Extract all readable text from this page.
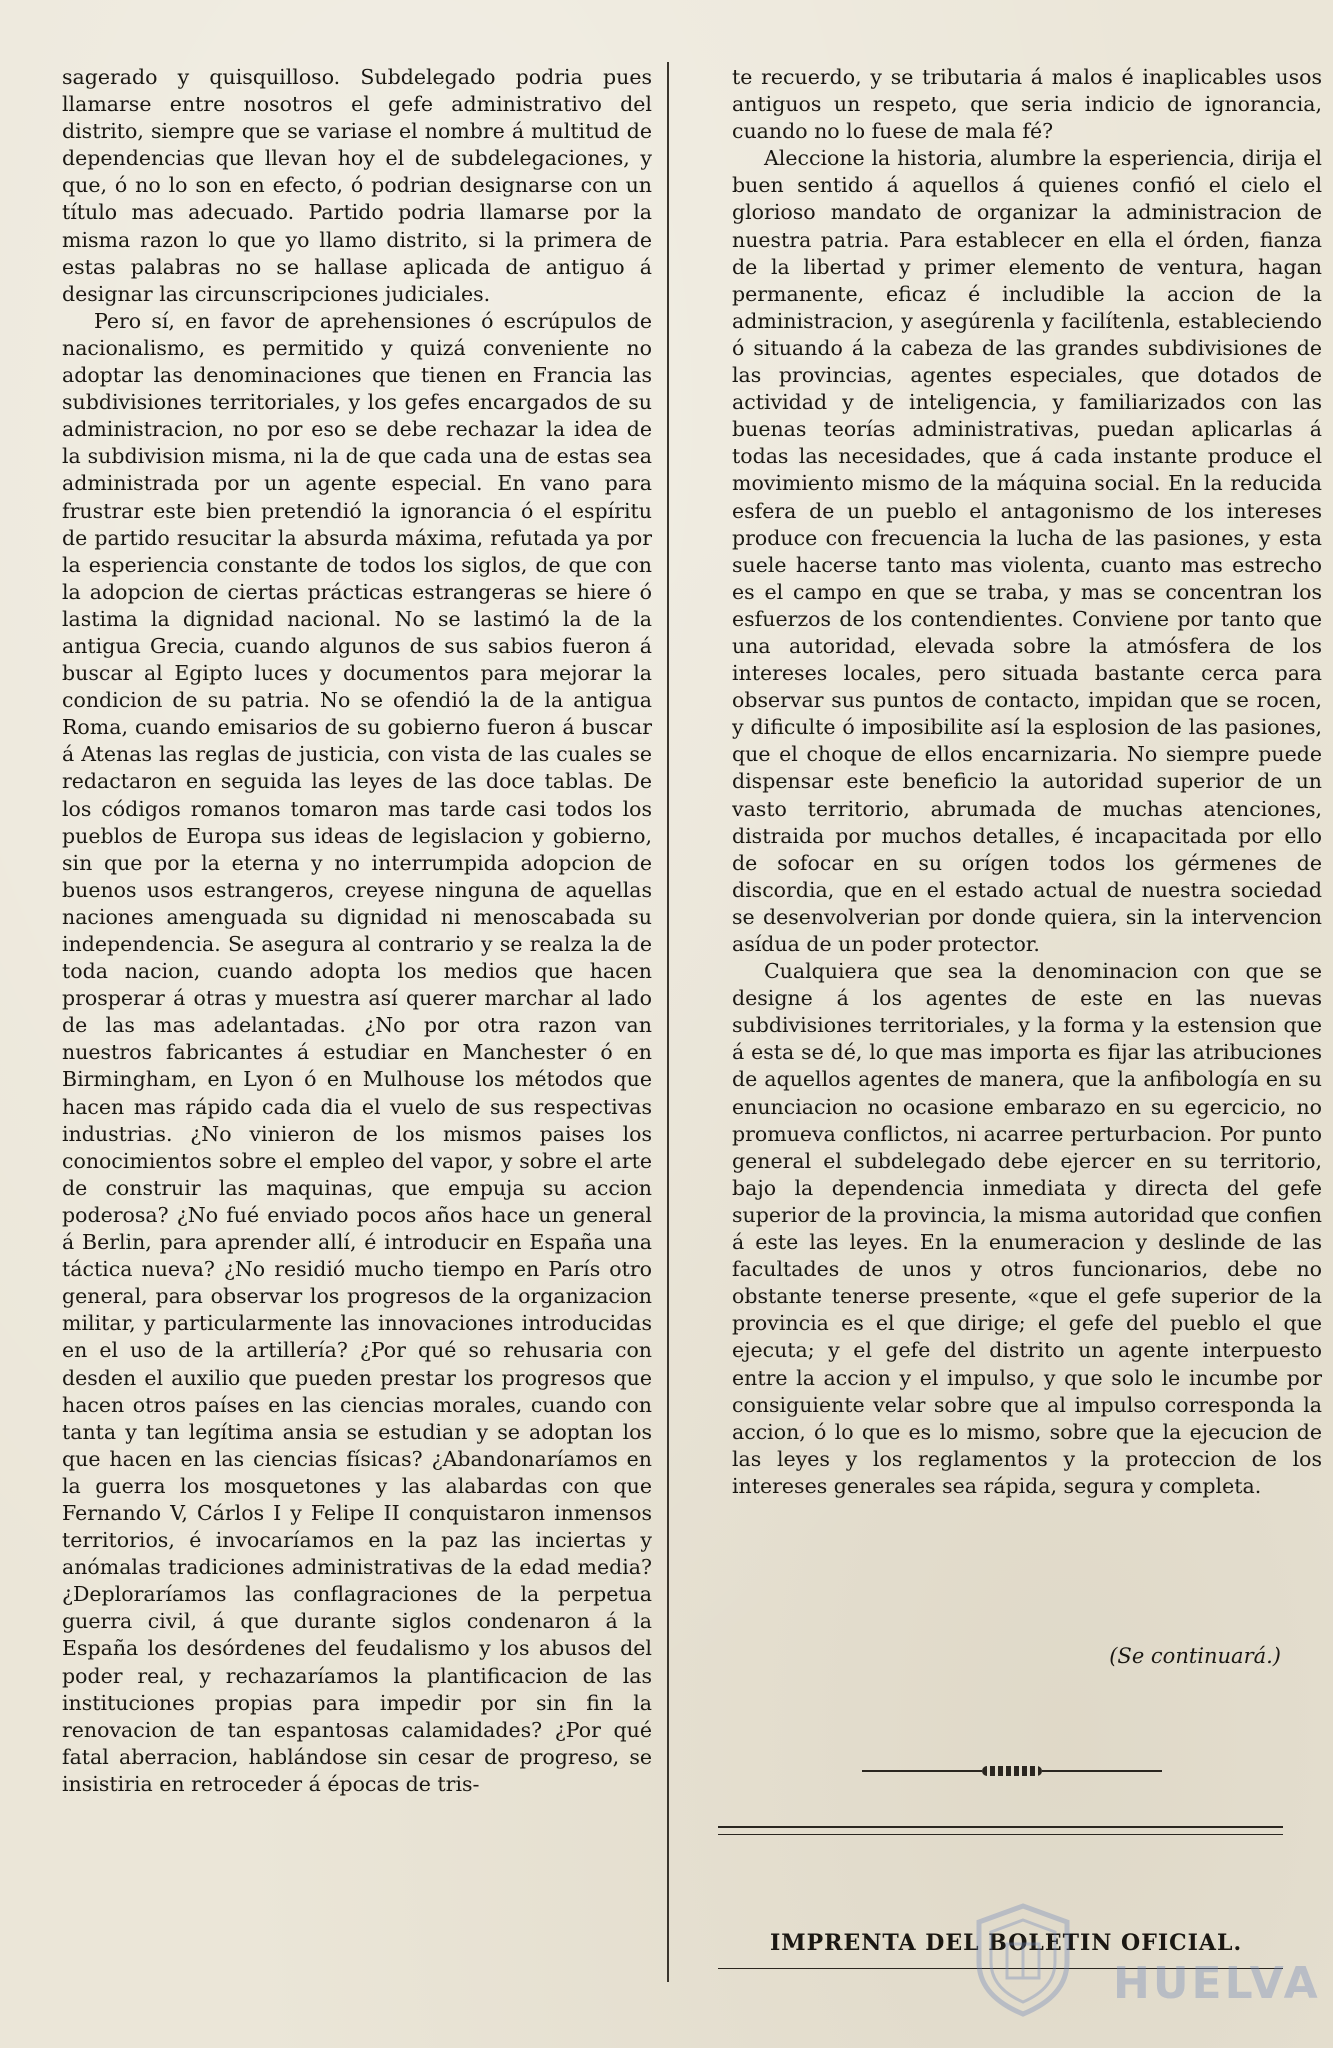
sagerado y quisquilloso. Subdelegado podria pues llamarse entre nosotros el gefe administrativo del distrito, siempre que se variase el nombre á multitud de dependencias que llevan hoy el de subdelegaciones, y que, ó no lo son en efecto, ó podrian designarse con un título mas adecuado. Partido podria llamarse por la misma razon lo que yo llamo distrito, si la primera de estas palabras no se hallase aplicada de antiguo á designar las circunscripciones judiciales.

Pero sí, en favor de aprehensiones ó escrúpulos de nacionalismo, es permitido y quizá conveniente no adoptar las denominaciones que tienen en Francia las subdivisiones territoriales, y los gefes encargados de su administracion, no por eso se debe rechazar la idea de la subdivision misma, ni la de que cada una de estas sea administrada por un agente especial. En vano para frustrar este bien pretendió la ignorancia ó el espíritu de partido resucitar la absurda máxima, refutada ya por la esperiencia constante de todos los siglos, de que con la adopcion de ciertas prácticas estrangeras se hiere ó lastima la dignidad nacional. No se lastimó la de la antigua Grecia, cuando algunos de sus sabios fueron á buscar al Egipto luces y documentos para mejorar la condicion de su patria. No se ofendió la de la antigua Roma, cuando emisarios de su gobierno fueron á buscar á Atenas las reglas de justicia, con vista de las cuales se redactaron en seguida las leyes de las doce tablas. De los códigos romanos tomaron mas tarde casi todos los pueblos de Europa sus ideas de legislacion y gobierno, sin que por la eterna y no interrumpida adopcion de buenos usos estrangeros, creyese ninguna de aquellas naciones amenguada su dignidad ni menoscabada su independencia. Se asegura al contrario y se realza la de toda nacion, cuando adopta los medios que hacen prosperar á otras y muestra así querer marchar al lado de las mas adelantadas. ¿No por otra razon van nuestros fabricantes á estudiar en Manchester ó en Birmingham, en Lyon ó en Mulhouse los métodos que hacen mas rápido cada dia el vuelo de sus respectivas industrias. ¿No vinieron de los mismos paises los conocimientos sobre el empleo del vapor, y sobre el arte de construir las maquinas, que empuja su accion poderosa? ¿No fué enviado pocos años hace un general á Berlin, para aprender allí, é introducir en España una táctica nueva? ¿No residió mucho tiempo en París otro general, para observar los progresos de la organizacion militar, y particularmente las innovaciones introducidas en el uso de la artillería? ¿Por qué so rehusaria con desden el auxilio que pueden prestar los progresos que hacen otros países en las ciencias morales, cuando con tanta y tan legítima ansia se estudian y se adoptan los que hacen en las ciencias físicas? ¿Abandonaríamos en la guerra los mosquetones y las alabardas con que Fernando V, Cárlos I y Felipe II conquistaron inmensos territorios, é invocaríamos en la paz las inciertas y anómalas tradiciones administrativas de la edad media? ¿Deploraríamos las conflagraciones de la perpetua guerra civil, á que durante siglos condenaron á la España los desórdenes del feudalismo y los abusos del poder real, y rechazaríamos la plantificacion de las instituciones propias para impedir por sin fin la renovacion de tan espantosas calamidades? ¿Por qué fatal aberracion, hablándose sin cesar de progreso, se insistiria en retroceder á épocas de tris-

te recuerdo, y se tributaria á malos é inaplicables usos antiguos un respeto, que seria indicio de ignorancia, cuando no lo fuese de mala fé?

Aleccione la historia, alumbre la esperiencia, dirija el buen sentido á aquellos á quienes confió el cielo el glorioso mandato de organizar la administracion de nuestra patria. Para establecer en ella el órden, fianza de la libertad y primer elemento de ventura, hagan permanente, eficaz é includible la accion de la administracion, y asegúrenla y facilítenla, estableciendo ó situando á la cabeza de las grandes subdivisiones de las provincias, agentes especiales, que dotados de actividad y de inteligencia, y familiarizados con las buenas teorías administrativas, puedan aplicarlas á todas las necesidades, que á cada instante produce el movimiento mismo de la máquina social. En la reducida esfera de un pueblo el antagonismo de los intereses produce con frecuencia la lucha de las pasiones, y esta suele hacerse tanto mas violenta, cuanto mas estrecho es el campo en que se traba, y mas se concentran los esfuerzos de los contendientes. Conviene por tanto que una autoridad, elevada sobre la atmósfera de los intereses locales, pero situada bastante cerca para observar sus puntos de contacto, impidan que se rocen, y dificulte ó imposibilite así la esplosion de las pasiones, que el choque de ellos encarnizaria. No siempre puede dispensar este beneficio la autoridad superior de un vasto territorio, abrumada de muchas atenciones, distraida por muchos detalles, é incapacitada por ello de sofocar en su orígen todos los gérmenes de discordia, que en el estado actual de nuestra sociedad se desenvolverian por donde quiera, sin la intervencion asídua de un poder protector.

Cualquiera que sea la denominacion con que se designe á los agentes de este en las nuevas subdivisiones territoriales, y la forma y la estension que á esta se dé, lo que mas importa es fijar las atribuciones de aquellos agentes de manera, que la anfibología en su enunciacion no ocasione embarazo en su egercicio, no promueva conflictos, ni acarree perturbacion. Por punto general el subdelegado debe ejercer en su territorio, bajo la dependencia inmediata y directa del gefe superior de la provincia, la misma autoridad que confien á este las leyes. En la enumeracion y deslinde de las facultades de unos y otros funcionarios, debe no obstante tenerse presente, «que el gefe superior de la provincia es el que dirige; el gefe del pueblo el que ejecuta; y el gefe del distrito un agente interpuesto entre la accion y el impulso, y que solo le incumbe por consiguiente velar sobre que al impulso corresponda la accion, ó lo que es lo mismo, sobre que la ejecucion de las leyes y los reglamentos y la proteccion de los intereses generales sea rápida, segura y completa.

(Se continuará.)
IMPRENTA DEL BOLETIN OFICIAL.
HUELVA
